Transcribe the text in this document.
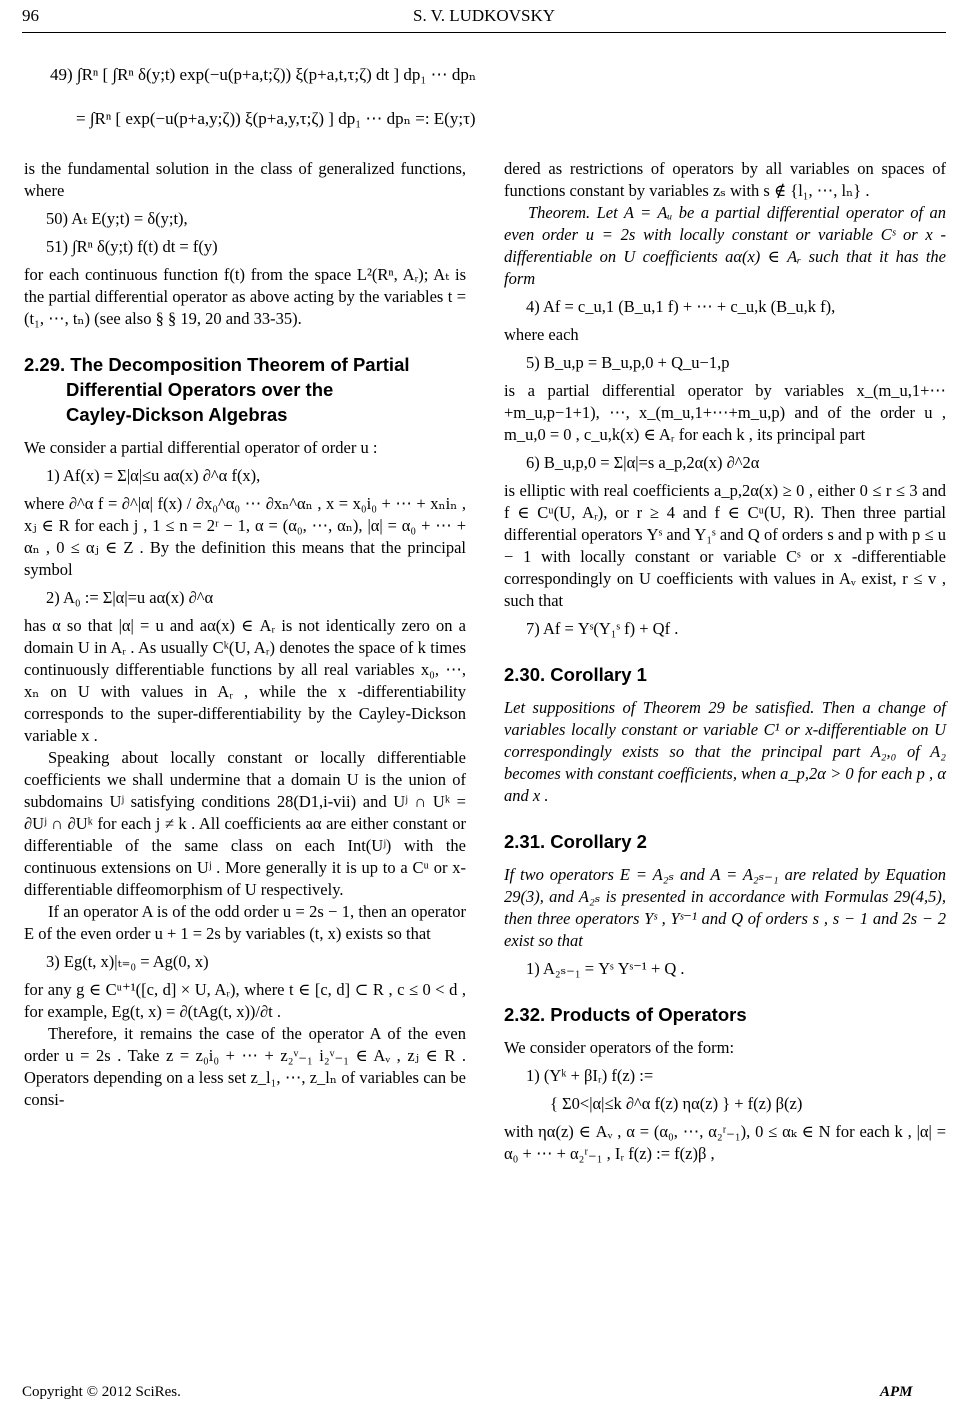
96	S. V. LUDKOVSKY
49) ∫Rⁿ [ ∫Rⁿ δ(y;t) exp(−u(p+a,t;ζ)) ξ(p+a,t,τ;ζ) dt ] dp₁ ⋯ dpₙ
= ∫Rⁿ [ exp(−u(p+a,y;ζ)) ξ(p+a,y,τ;ζ) ] dp₁ ⋯ dpₙ =: E(y;τ)

is the fundamental solution in the class of generalized functions, where

50) Aₜ E(y;t) = δ(y;t),
51) ∫Rⁿ δ(y;t) f(t) dt = f(y)

for each continuous function f(t) from the space L²(Rⁿ, Aᵣ); Aₜ is the partial differential operator as above acting by the variables t = (t₁, ⋯, tₙ) (see also § § 19, 20 and 33-35).

2.29. The Decomposition Theorem of Partial
Differential Operators over the
Cayley-Dickson Algebras

We consider a partial differential operator of order u :

1) Af(x) = Σ|α|≤u aα(x) ∂^α f(x),

where ∂^α f = ∂^|α| f(x) / ∂x₀^α₀ ⋯ ∂xₙ^αₙ , x = x₀i₀ + ⋯ + xₙiₙ , xⱼ ∈ R for each j , 1 ≤ n = 2ʳ − 1, α = (α₀, ⋯, αₙ), |α| = α₀ + ⋯ + αₙ , 0 ≤ αⱼ ∈ Z . By the definition this means that the principal symbol

2) A₀ := Σ|α|=u aα(x) ∂^α

has α so that |α| = u and aα(x) ∈ Aᵣ is not identically zero on a domain U in Aᵣ . As usually Cᵏ(U, Aᵣ) denotes the space of k times continuously differentiable functions by all real variables x₀, ⋯, xₙ on U with values in Aᵣ , while the x -differentiability corresponds to the super-differentiability by the Cayley-Dickson variable x .

Speaking about locally constant or locally differentiable coefficients we shall undermine that a domain U is the union of subdomains Uʲ satisfying conditions 28(D1,i-vii) and Uʲ ∩ Uᵏ = ∂Uʲ ∩ ∂Uᵏ for each j ≠ k . All coefficients aα are either constant or differentiable of the same class on each Int(Uʲ) with the continuous extensions on Uʲ . More generally it is up to a Cᵘ or x-differentiable diffeomorphism of U respectively.

If an operator A is of the odd order u = 2s − 1, then an operator E of the even order u + 1 = 2s by variables (t, x) exists so that

3) Eg(t, x)|ₜ₌₀ = Ag(0, x)

for any g ∈ Cᵘ⁺¹([c, d] × U, Aᵣ), where t ∈ [c, d] ⊂ R , c ≤ 0 < d , for example, Eg(t, x) = ∂(tAg(t, x))/∂t .

Therefore, it remains the case of the operator A of the even order u = 2s . Take z = z₀i₀ + ⋯ + z₂ᵛ₋₁ i₂ᵛ₋₁ ∈ Aᵥ , zⱼ ∈ R . Operators depending on a less set z_l₁, ⋯, z_lₙ of variables can be consi-

dered as restrictions of operators by all variables on spaces of functions constant by variables zₛ with s ∉ {l₁, ⋯, lₙ} .

Theorem. Let A = Aᵤ be a partial differential operator of an even order u = 2s with locally constant or variable Cˢ or x -differentiable on U coefficients aα(x) ∈ Aᵣ such that it has the form

4) Af = c_u,1 (B_u,1 f) + ⋯ + c_u,k (B_u,k f),

where each

5) B_u,p = B_u,p,0 + Q_u−1,p

is a partial differential operator by variables x_(m_u,1+⋯+m_u,p−1+1), ⋯, x_(m_u,1+⋯+m_u,p) and of the order u , m_u,0 = 0 , c_u,k(x) ∈ Aᵣ for each k , its principal part

6) B_u,p,0 = Σ|α|=s a_p,2α(x) ∂^2α

is elliptic with real coefficients a_p,2α(x) ≥ 0 , either 0 ≤ r ≤ 3 and f ∈ Cᵘ(U, Aᵣ), or r ≥ 4 and f ∈ Cᵘ(U, R). Then three partial differential operators Υˢ and Υ₁ˢ and Q of orders s and p with p ≤ u − 1 with locally constant or variable Cˢ or x -differentiable correspondingly on U coefficients with values in Aᵥ exist, r ≤ v , such that

7) Af = Υˢ(Υ₁ˢ f) + Qf .
2.30. Corollary 1

Let suppositions of Theorem 29 be satisfied. Then a change of variables locally constant or variable C¹ or x-differentiable on U correspondingly exists so that the principal part A₂,₀ of A₂ becomes with constant coefficients, when a_p,2α > 0 for each p , α and x .

2.31. Corollary 2

If two operators E = A₂ₛ and A = A₂ₛ₋₁ are related by Equation 29(3), and A₂ₛ is presented in accordance with Formulas 29(4,5), then three operators Υˢ , Υˢ⁻¹ and Q of orders s , s − 1 and 2s − 2 exist so that

1) A₂ₛ₋₁ = Υˢ Υˢ⁻¹ + Q .
2.32. Products of Operators

We consider operators of the form:

1) (Υᵏ + βIᵣ) f(z) :=
{ Σ0<|α|≤k ∂^α f(z) ηα(z) } + f(z) β(z)

with ηα(z) ∈ Aᵥ , α = (α₀, ⋯, α₂ʳ₋₁), 0 ≤ αₖ ∈ N for each k , |α| = α₀ + ⋯ + α₂ʳ₋₁ , Iᵣ f(z) := f(z)β ,

Copyright © 2012 SciRes.	APM
